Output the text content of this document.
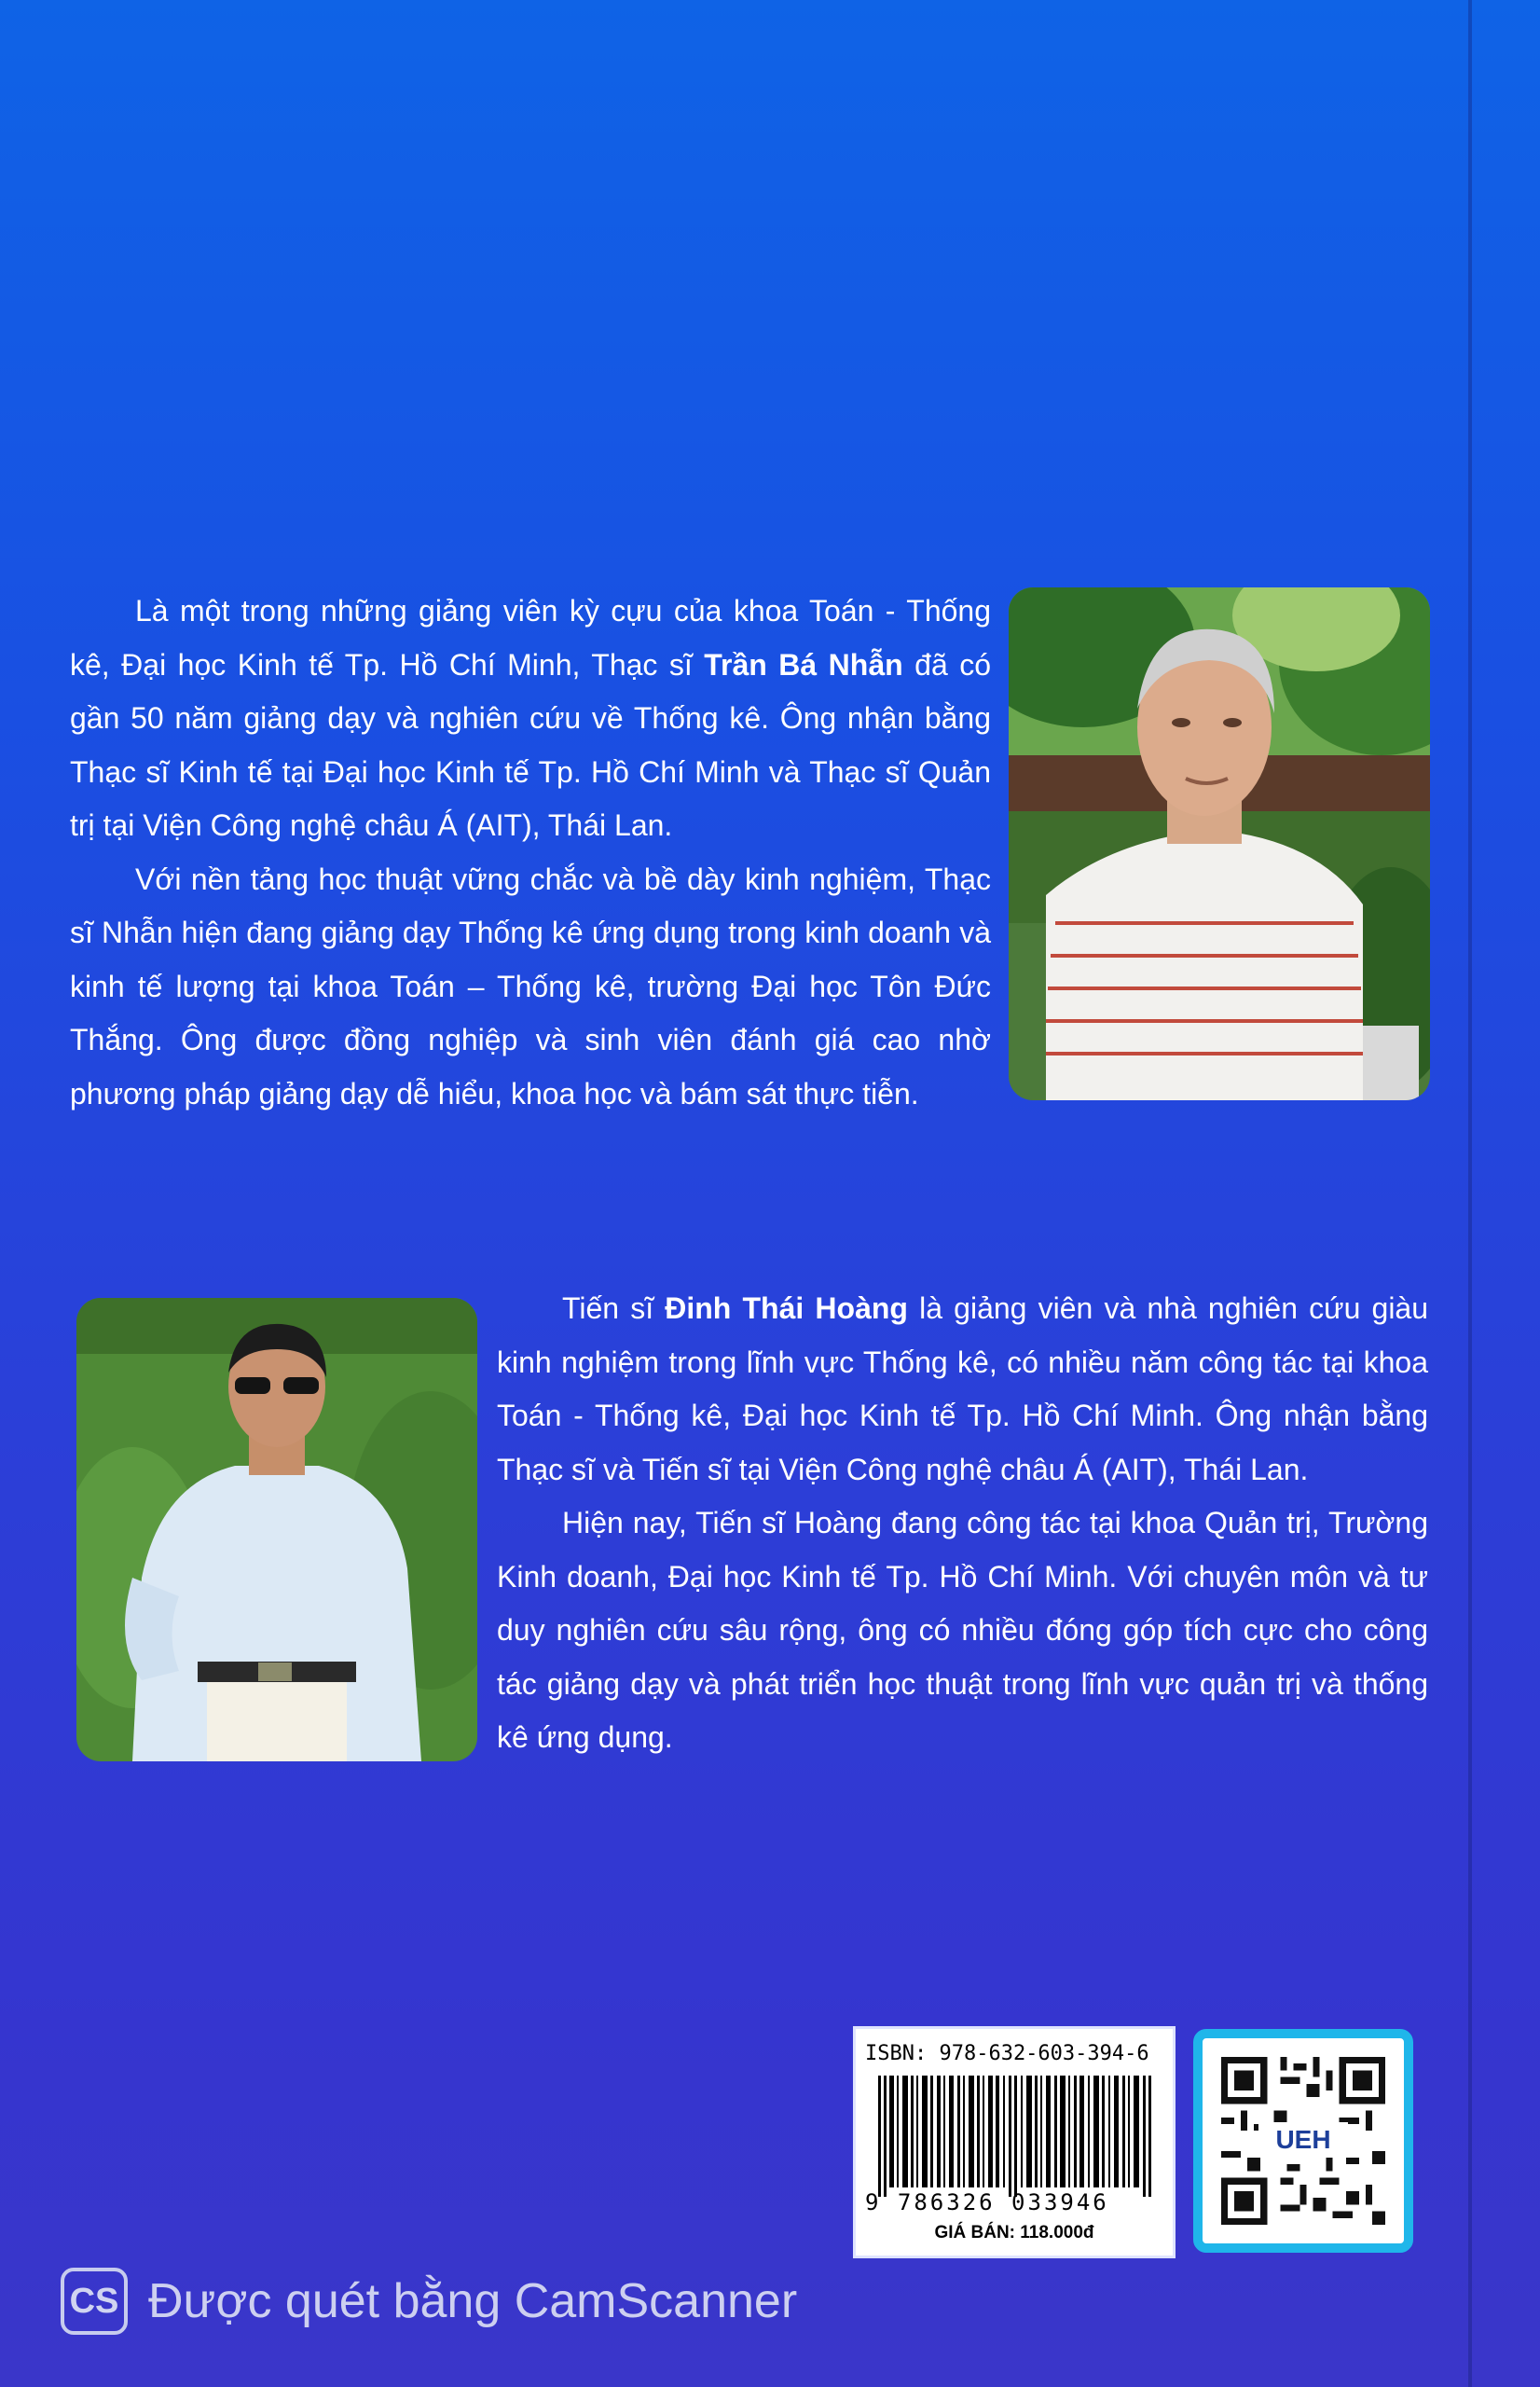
Là một trong những giảng viên kỳ cựu của khoa Toán - Thống kê, Đại học Kinh tế Tp. Hồ Chí Minh, Thạc sĩ Trần Bá Nhẫn đã có gần 50 năm giảng dạy và nghiên cứu về Thống kê. Ông nhận bằng Thạc sĩ Kinh tế tại Đại học Kinh tế Tp. Hồ Chí Minh và Thạc sĩ Quản trị tại Viện Công nghệ châu Á (AIT), Thái Lan.

Với nền tảng học thuật vững chắc và bề dày kinh nghiệm, Thạc sĩ Nhẫn hiện đang giảng dạy Thống kê ứng dụng trong kinh doanh và kinh tế lượng tại khoa Toán – Thống kê, trường Đại học Tôn Đức Thắng. Ông được đồng nghiệp và sinh viên đánh giá cao nhờ phương pháp giảng dạy dễ hiểu, khoa học và bám sát thực tiễn.

Tiến sĩ Đinh Thái Hoàng là giảng viên và nhà nghiên cứu giàu kinh nghiệm trong lĩnh vực Thống kê, có nhiều năm công tác tại khoa Toán - Thống kê, Đại học Kinh tế Tp. Hồ Chí Minh. Ông nhận bằng Thạc sĩ và Tiến sĩ tại Viện Công nghệ châu Á (AIT), Thái Lan.

Hiện nay, Tiến sĩ Hoàng đang công tác tại khoa Quản trị, Trường Kinh doanh, Đại học Kinh tế Tp. Hồ Chí Minh. Với chuyên môn và tư duy nghiên cứu sâu rộng, ông có nhiều đóng góp tích cực cho công tác giảng dạy và phát triển học thuật trong lĩnh vực quản trị và thống kê ứng dụng.

ISBN: 978-632-603-394-6
9 786326 033946
GIÁ BÁN: 118.000đ
UEH
CS Được quét bằng CamScanner
